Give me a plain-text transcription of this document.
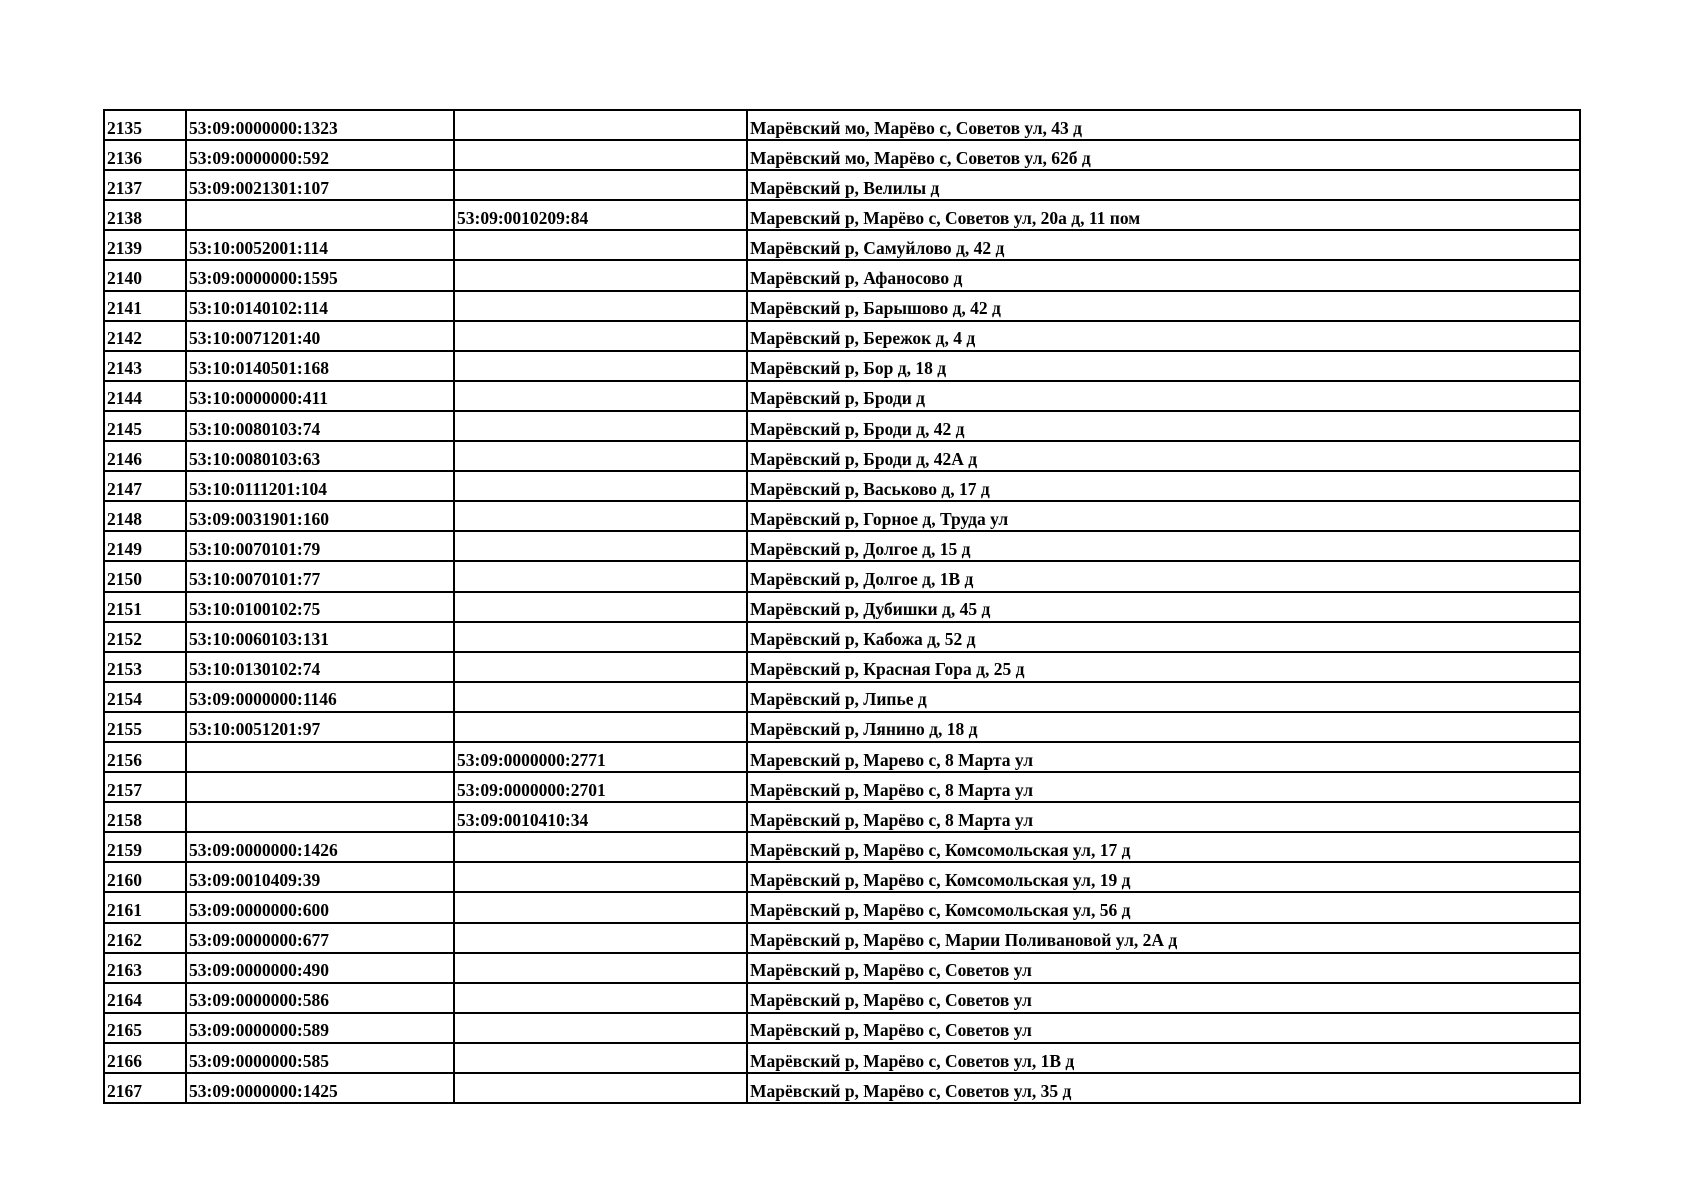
2135	53:09:0000000:1323		Марёвский мо, Марёво с, Советов ул, 43 д
2136	53:09:0000000:592		Марёвский мо, Марёво с, Советов ул, 62б д
2137	53:09:0021301:107		Марёвский р, Велилы д
2138		53:09:0010209:84	Маревский р, Марёво с, Советов ул, 20а д, 11 пом
2139	53:10:0052001:114		Марёвский р, Самуйлово д, 42 д
2140	53:09:0000000:1595		Марёвский р, Афаносово д
2141	53:10:0140102:114		Марёвский р, Барышово д, 42 д
2142	53:10:0071201:40		Марёвский р, Бережок д, 4 д
2143	53:10:0140501:168		Марёвский р, Бор д, 18 д
2144	53:10:0000000:411		Марёвский р, Броди д
2145	53:10:0080103:74		Марёвский р, Броди д, 42 д
2146	53:10:0080103:63		Марёвский р, Броди д, 42А д
2147	53:10:0111201:104		Марёвский р, Васьково д, 17 д
2148	53:09:0031901:160		Марёвский р, Горное д, Труда ул
2149	53:10:0070101:79		Марёвский р, Долгое д, 15 д
2150	53:10:0070101:77		Марёвский р, Долгое д, 1В д
2151	53:10:0100102:75		Марёвский р, Дубишки д, 45 д
2152	53:10:0060103:131		Марёвский р, Кабожа д, 52 д
2153	53:10:0130102:74		Марёвский р, Красная Гора д, 25 д
2154	53:09:0000000:1146		Марёвский р, Липье д
2155	53:10:0051201:97		Марёвский р, Лянино д, 18 д
2156		53:09:0000000:2771	Маревский р, Марево с, 8 Марта ул
2157		53:09:0000000:2701	Марёвский р, Марёво с, 8 Марта ул
2158		53:09:0010410:34	Марёвский р, Марёво с, 8 Марта ул
2159	53:09:0000000:1426		Марёвский р, Марёво с, Комсомольская ул, 17 д
2160	53:09:0010409:39		Марёвский р, Марёво с, Комсомольская ул, 19 д
2161	53:09:0000000:600		Марёвский р, Марёво с, Комсомольская ул, 56 д
2162	53:09:0000000:677		Марёвский р, Марёво с, Марии Поливановой ул, 2А д
2163	53:09:0000000:490		Марёвский р, Марёво с, Советов ул
2164	53:09:0000000:586		Марёвский р, Марёво с, Советов ул
2165	53:09:0000000:589		Марёвский р, Марёво с, Советов ул
2166	53:09:0000000:585		Марёвский р, Марёво с, Советов ул, 1В д
2167	53:09:0000000:1425		Марёвский р, Марёво с, Советов ул, 35 д
